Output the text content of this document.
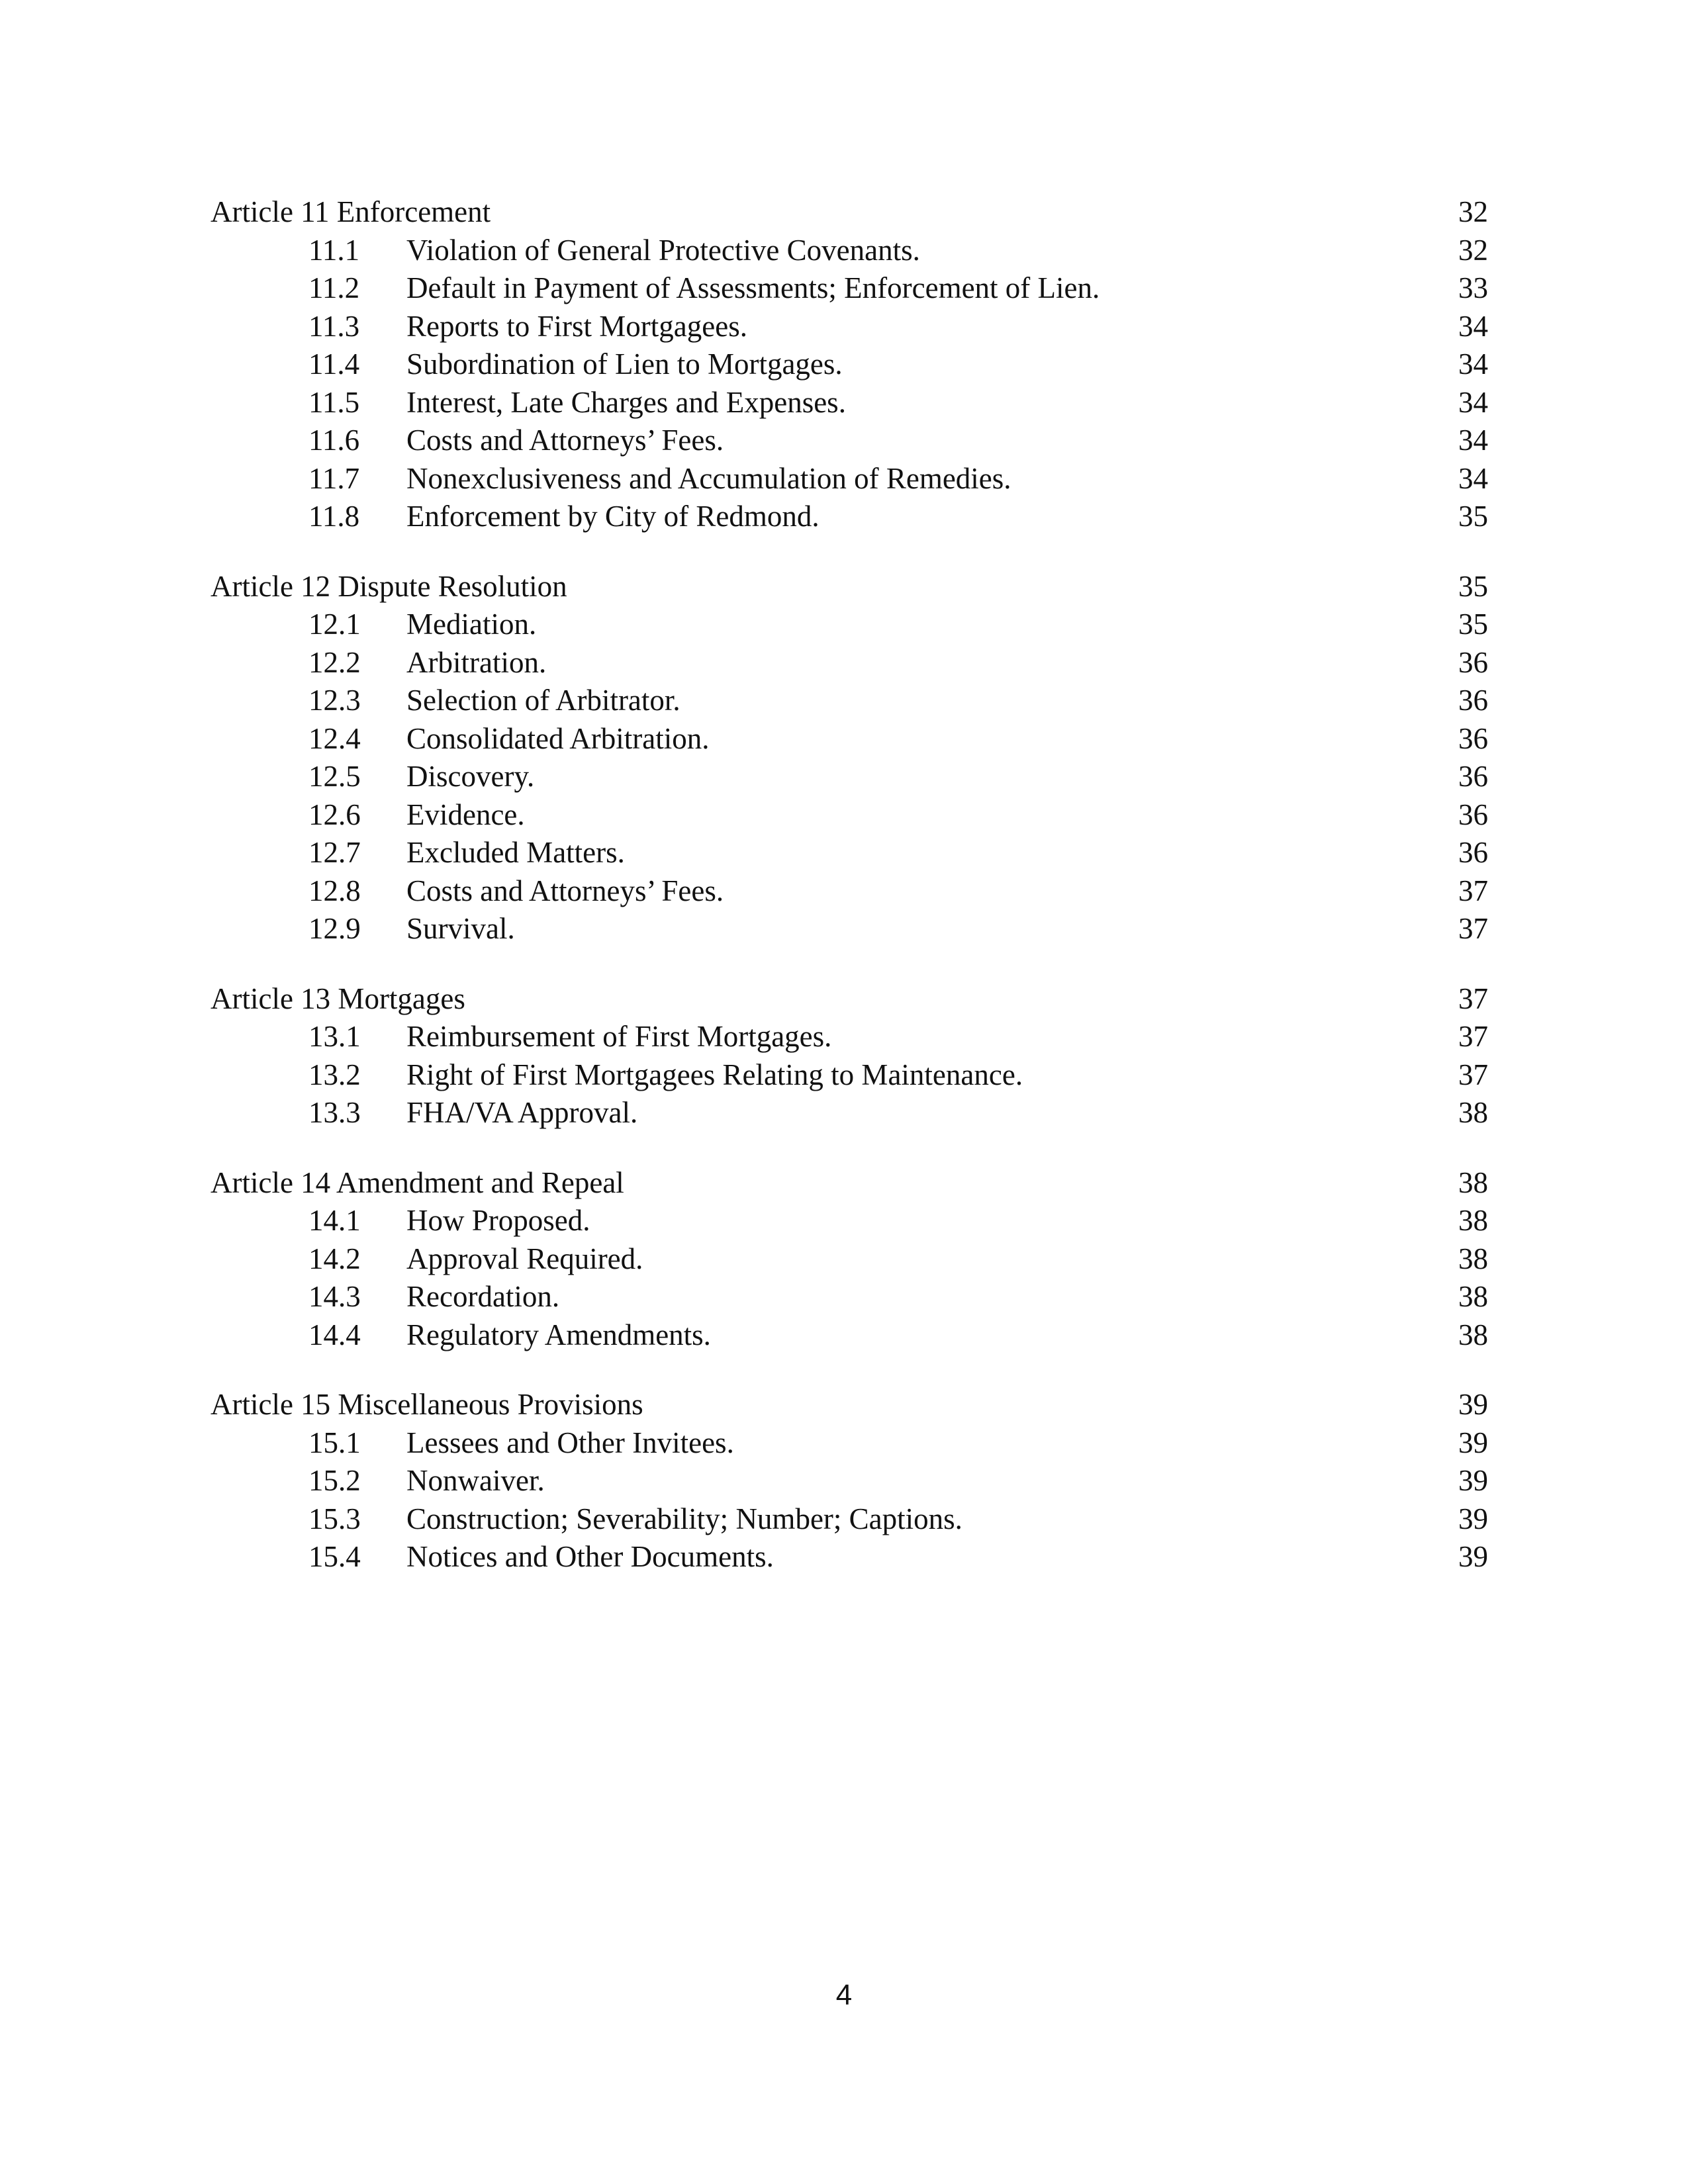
Article 11 Enforcement	32
11.1	Violation of General Protective Covenants.	32
11.2	Default in Payment of Assessments; Enforcement of Lien.	33
11.3	Reports to First Mortgagees.	34
11.4	Subordination of Lien to Mortgages.	34
11.5	Interest, Late Charges and Expenses.	34
11.6	Costs and Attorneys’ Fees.	34
11.7	Nonexclusiveness and Accumulation of Remedies.	34
11.8	Enforcement by City of Redmond.	35
Article 12 Dispute Resolution	35
12.1	Mediation.	35
12.2	Arbitration.	36
12.3	Selection of Arbitrator.	36
12.4	Consolidated Arbitration.	36
12.5	Discovery.	36
12.6	Evidence.	36
12.7	Excluded Matters.	36
12.8	Costs and Attorneys’ Fees.	37
12.9	Survival.	37
Article 13 Mortgages	37
13.1	Reimbursement of First Mortgages.	37
13.2	Right of First Mortgagees Relating to Maintenance.	37
13.3	FHA/VA Approval.	38
Article 14 Amendment and Repeal	38
14.1	How Proposed.	38
14.2	Approval Required.	38
14.3	Recordation.	38
14.4	Regulatory Amendments.	38
Article 15 Miscellaneous Provisions	39
15.1	Lessees and Other Invitees.	39
15.2	Nonwaiver.	39
15.3	Construction; Severability; Number; Captions.	39
15.4	Notices and Other Documents.	39
4
